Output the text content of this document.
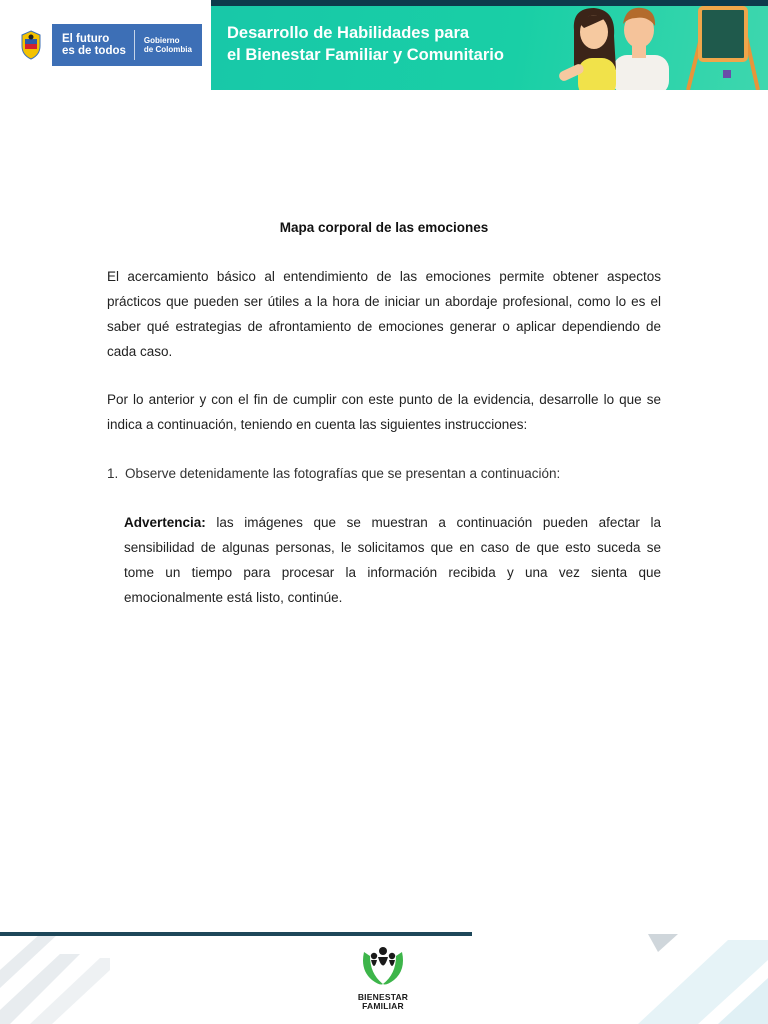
El futuro
es de todos
Gobierno
de Colombia
Desarrollo de Habilidades para
el Bienestar Familiar y Comunitario
Mapa corporal de las emociones

El acercamiento básico al entendimiento de las emociones permite obtener aspectos prácticos que pueden ser útiles a la hora de iniciar un abordaje profesional, como lo es el saber qué estrategias de afrontamiento de emociones generar o aplicar dependiendo de cada caso.

Por lo anterior y con el fin de cumplir con este punto de la evidencia, desarrolle lo que se indica a continuación, teniendo en cuenta las siguientes instrucciones:

1. Observe detenidamente las fotografías que se presentan a continuación:

Advertencia: las imágenes que se muestran a continuación pueden afectar la sensibilidad de algunas personas, le solicitamos que en caso de que esto suceda se tome un tiempo para procesar la información recibida y una vez sienta que emocionalmente está listo, continúe.

BIENESTAR
FAMILIAR
